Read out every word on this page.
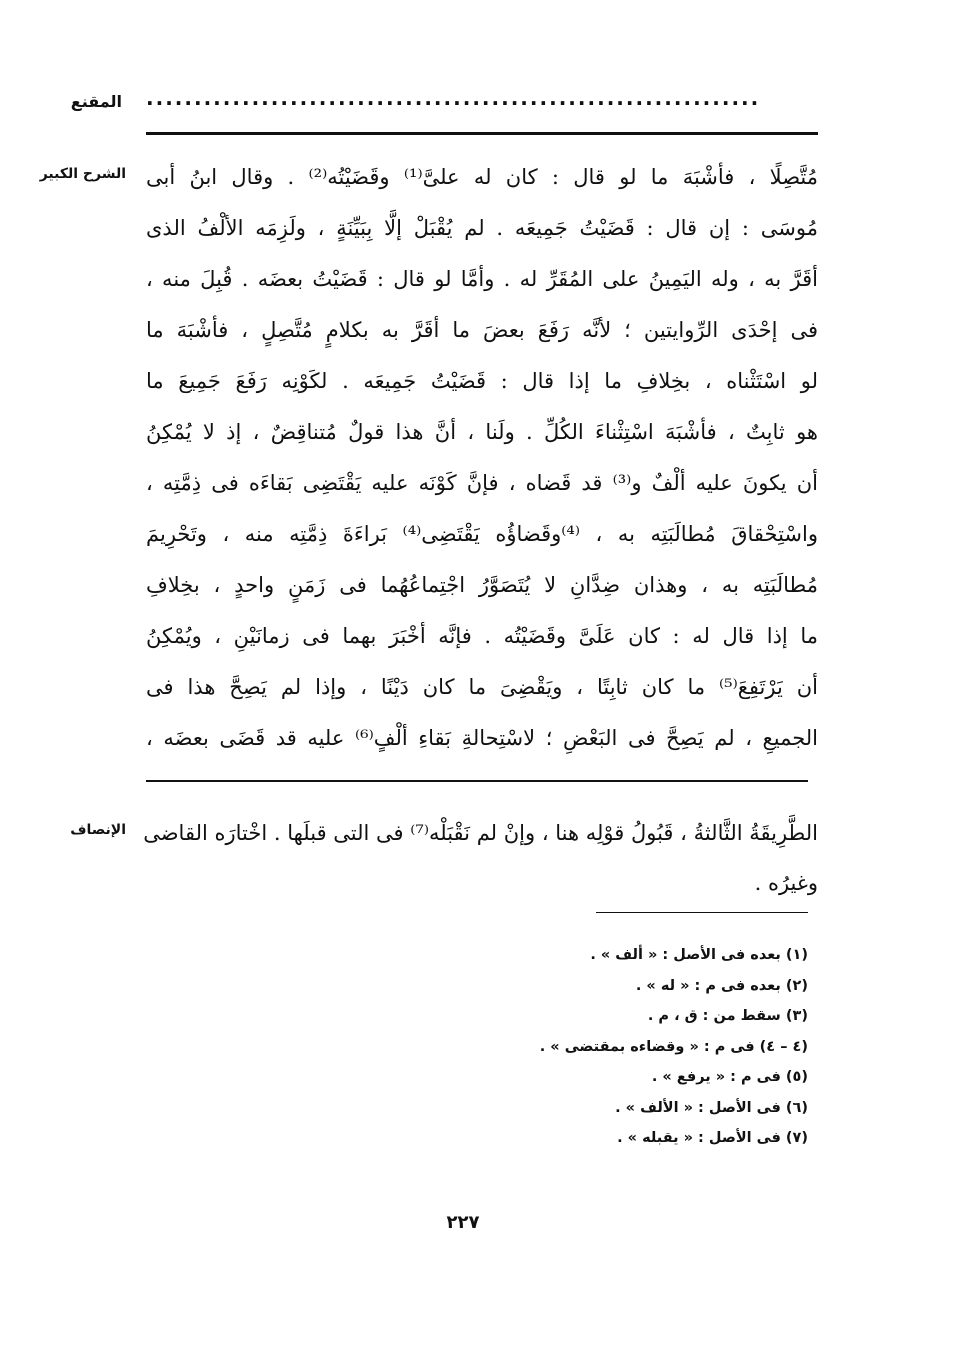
المقنع ................................................................
الشرح الكبير مُتَّصِلًا ، فأشْبَهَ ما لو قال : كان له علىَّ⁽¹⁾ وقَضَيْتُه⁽²⁾ . وقال ابنُ أبى
مُوسَى : إن قال : قَضَيْتُ جَمِيعَه . لم يُقْبَلْ إلَّا بِبَيِّنَةٍ ، ولَزِمَه الألْفُ الذى
أقَرَّ به ، وله اليَمِينُ على المُقَرِّ له . وأمَّا لو قال : قَضَيْتُ بعضَه . قُبِلَ منه ،
فى إحْدَى الرِّوايتين ؛ لأنَّه رَفَعَ بعضَ ما أقَرَّ به بكلامٍ مُتَّصِلٍ ، فأشْبَهَ ما
لو اسْتَثْناه ، بخِلافِ ما إذا قال : قَضَيْتُ جَمِيعَه . لكَوْنِه رَفَعَ جَمِيعَ ما
هو ثابِتٌ ، فأشْبَهَ اسْتِثْناءَ الكُلِّ . ولَنا ، أنَّ هذا قولٌ مُتناقِضٌ ، إذ لا يُمْكِنُ
أن يكونَ عليه ألْفٌ و⁽³⁾ قد قَضاه ، فإنَّ كَوْنَه عليه يَقْتَضِى بَقاءَه فى ذِمَّتِه ،
واسْتِحْقاقَ مُطالَبَتِه به ، ⁽⁴⁾وقَضاؤُه يَقْتَضِى⁽⁴⁾ بَراءَةَ ذِمَّتِه منه ، وتَحْرِيمَ
مُطالَبَتِه به ، وهذان ضِدَّانِ لا يُتَصَوَّرُ اجْتِماعُهُما فى زَمَنٍ واحدٍ ، بخِلافِ
ما إذا قال له : كان عَلَىَّ وقَضَيْتُه . فإنَّه أخْبَرَ بهما فى زمانَيْنِ ، ويُمْكِنُ
أن يَرْتَفِعَ⁽⁵⁾ ما كان ثابِتًا ، ويَقْضِىَ ما كان دَيْنًا ، وإذا لم يَصِحَّ هذا فى
الجميعِ ، لم يَصِحَّ فى البَعْضِ ؛ لاسْتِحالةِ بَقاءِ ألْفٍ⁽⁶⁾ عليه قد قَضَى بعضَه ،
الإنصاف الطَّرِيقَةُ الثَّالثةُ ، قَبُولُ قوْلِه هنا ، وإنْ لم نَقْبَلْه⁽⁷⁾ فى التى قبلَها . اخْتارَه القاضى
وغيرُه .
(١) بعده فى الأصل : « ألف » .
(٢) بعده فى م : « له » .
(٣) سقط من : ق ، م .
(٤ – ٤) فى م : « وقضاءه بمقتضى » .
(٥) فى م : « يرفع » .
(٦) فى الأصل : « الألف » .
(٧) فى الأصل : « يقبله » .
٢٢٧
